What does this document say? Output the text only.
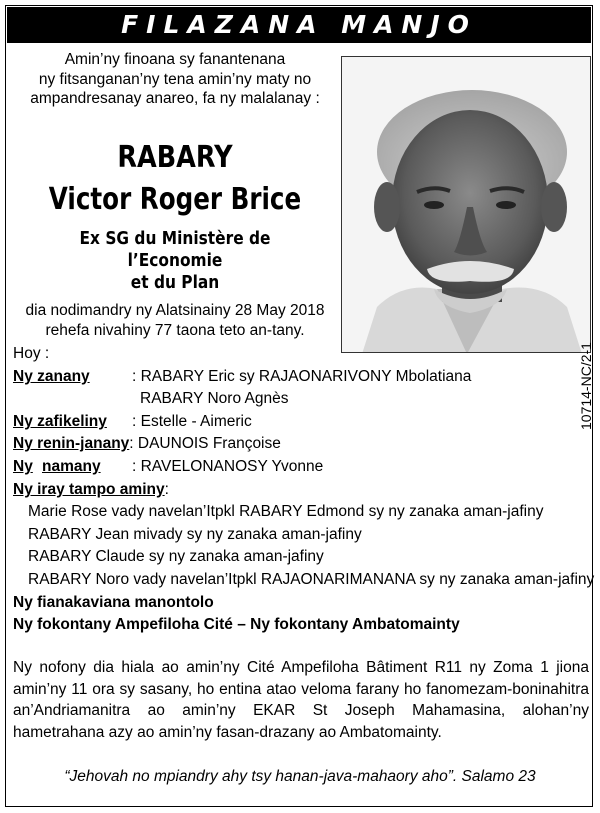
FILAZANA MANJO
Amin’ny finoana sy fanantenana
ny fitsanganan’ny tena amin’ny maty no
ampandresanay anareo, fa ny malalanay :
RABARY
Victor Roger Brice
Ex SG du Ministère de l’Economie
et du Plan
dia nodimandry ny Alatsinainy 28 May 2018
rehefa nivahiny 77 taona teto an-tany.
Hoy :
Ny zanany	: RABARY Eric sy RAJAONARIVONY Mbolatiana
RABARY Noro Agnès
Ny zafikeliny : Estelle - Aimeric
Ny renin-janany: DAUNOIS Françoise
Ny namany : RAVELONANOSY Yvonne
Ny iray tampo aminy:
Marie Rose vady navelan’Itpkl RABARY Edmond sy ny zanaka aman-jafiny
RABARY Jean mivady sy ny zanaka aman-jafiny
RABARY Claude sy ny zanaka aman-jafiny
RABARY Noro vady navelan’Itpkl RAJAONARIMANANA sy ny zanaka aman-jafiny
Ny fianakaviana manontolo
Ny fokontany Ampefiloha Cité – Ny fokontany Ambatomainty
10714-NC/2-1
Ny nofony dia hiala ao amin’ny Cité Ampefiloha Bâtiment R11 ny Zoma 1 jiona amin’ny 11 ora sy sasany, ho entina atao veloma farany ho fanomezam-boninahitra an’Andriamanitra ao amin’ny EKAR St Joseph Mahamasina, alohan’ny hametrahana azy ao amin’ny fasan-drazany ao Ambatomainty.
“Jehovah no mpiandry ahy tsy hanan-java-mahaory aho”. Salamo 23
